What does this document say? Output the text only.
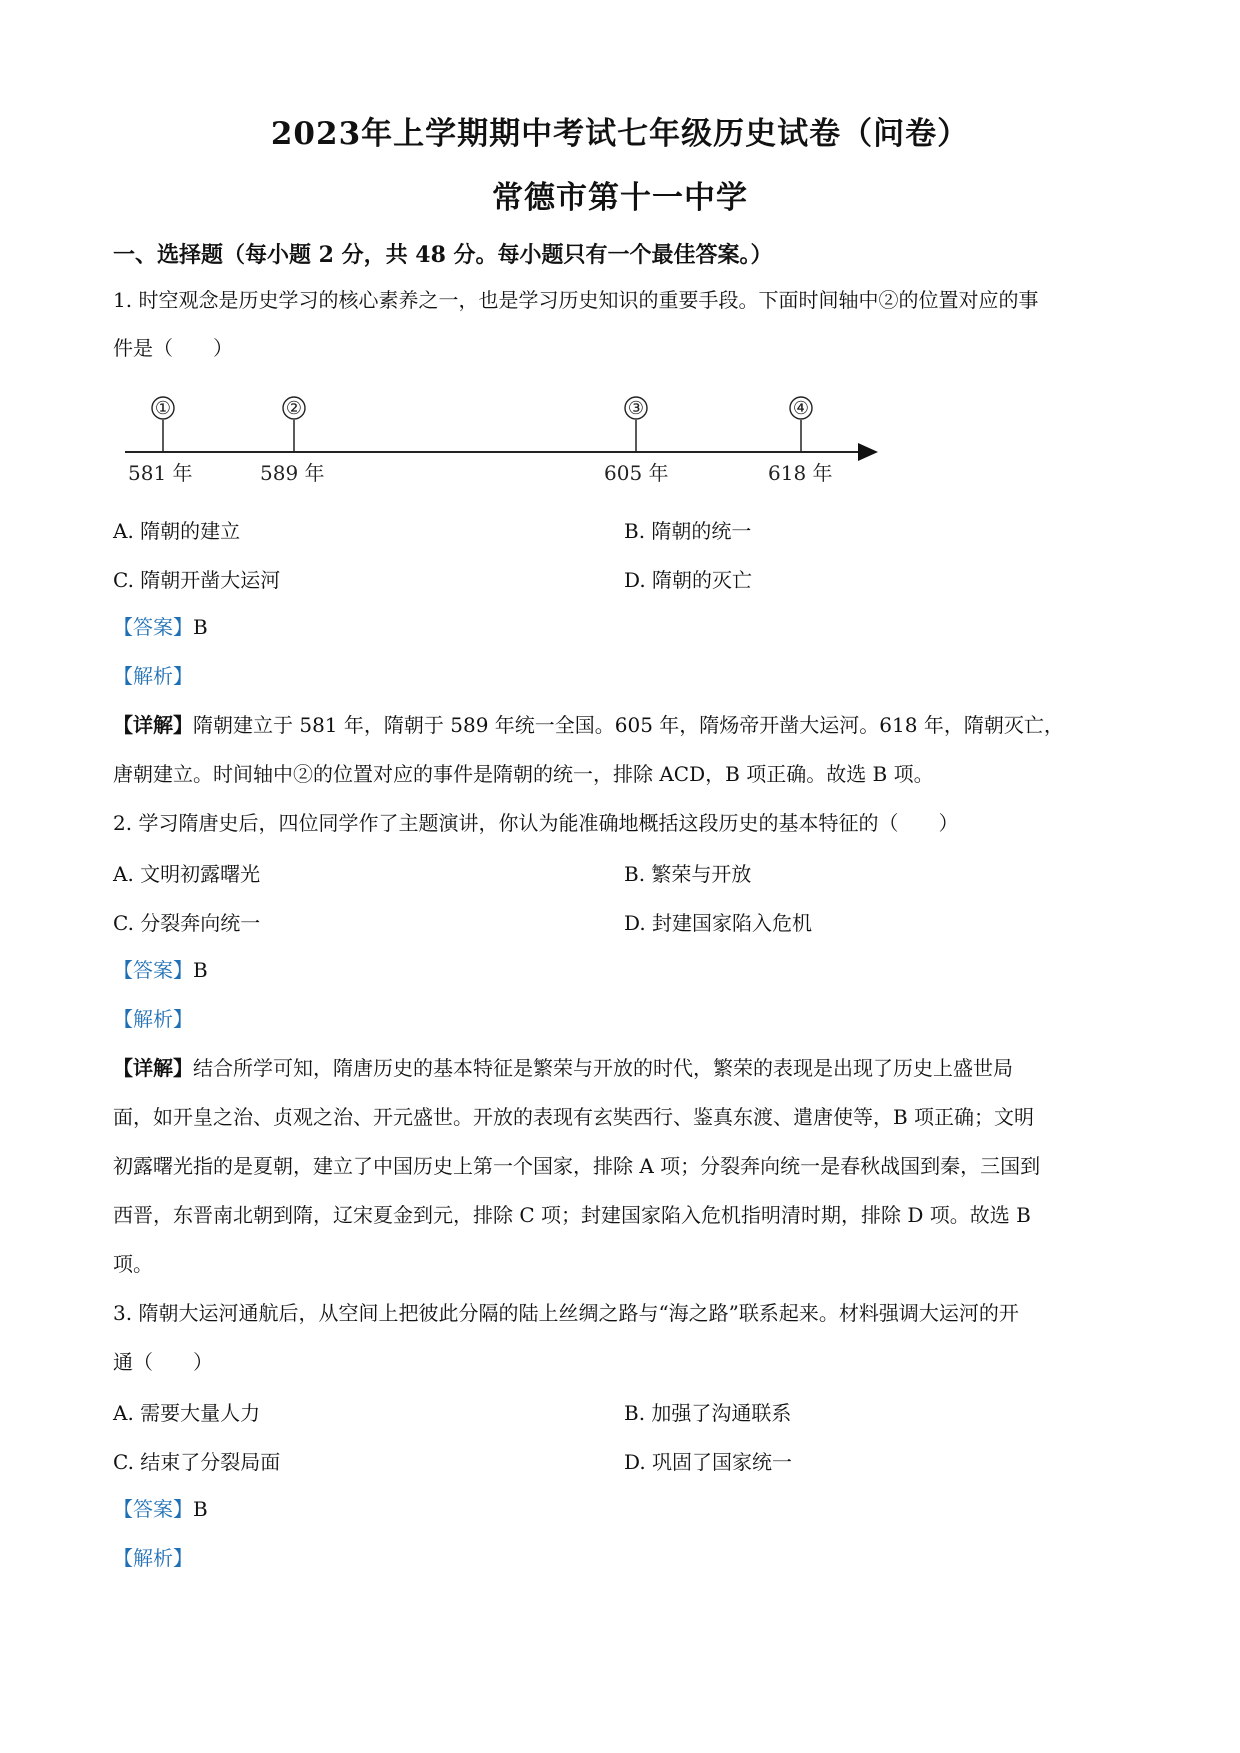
2023年上学期期中考试七年级历史试卷（问卷）
常德市第十一中学
一、选择题（每小题 2 分，共 48 分。每小题只有一个最佳答案。）
1. 时空观念是历史学习的核心素养之一，也是学习历史知识的重要手段。下面时间轴中②的位置对应的事
件是（　　）
①
581 年
②
589 年
③
605 年
④
618 年
A. 隋朝的建立	B. 隋朝的统一
C. 隋朝开凿大运河	D. 隋朝的灭亡
【答案】B
【解析】
【详解】隋朝建立于 581 年，隋朝于 589 年统一全国。605 年，隋炀帝开凿大运河。618 年，隋朝灭亡，
唐朝建立。时间轴中②的位置对应的事件是隋朝的统一，排除 ACD，B 项正确。故选 B 项。
2. 学习隋唐史后，四位同学作了主题演讲，你认为能准确地概括这段历史的基本特征的（　　）
A. 文明初露曙光	B. 繁荣与开放
C. 分裂奔向统一	D. 封建国家陷入危机
【答案】B
【解析】
【详解】结合所学可知，隋唐历史的基本特征是繁荣与开放的时代，繁荣的表现是出现了历史上盛世局
面，如开皇之治、贞观之治、开元盛世。开放的表现有玄奘西行、鉴真东渡、遣唐使等，B 项正确；文明
初露曙光指的是夏朝，建立了中国历史上第一个国家，排除 A 项；分裂奔向统一是春秋战国到秦，三国到
西晋，东晋南北朝到隋，辽宋夏金到元，排除 C 项；封建国家陷入危机指明清时期，排除 D 项。故选 B
项。
3. 隋朝大运河通航后，从空间上把彼此分隔的陆上丝绸之路与“海之路”联系起来。材料强调大运河的开
通（　　）
A. 需要大量人力	B. 加强了沟通联系
C. 结束了分裂局面	D. 巩固了国家统一
【答案】B
【解析】
